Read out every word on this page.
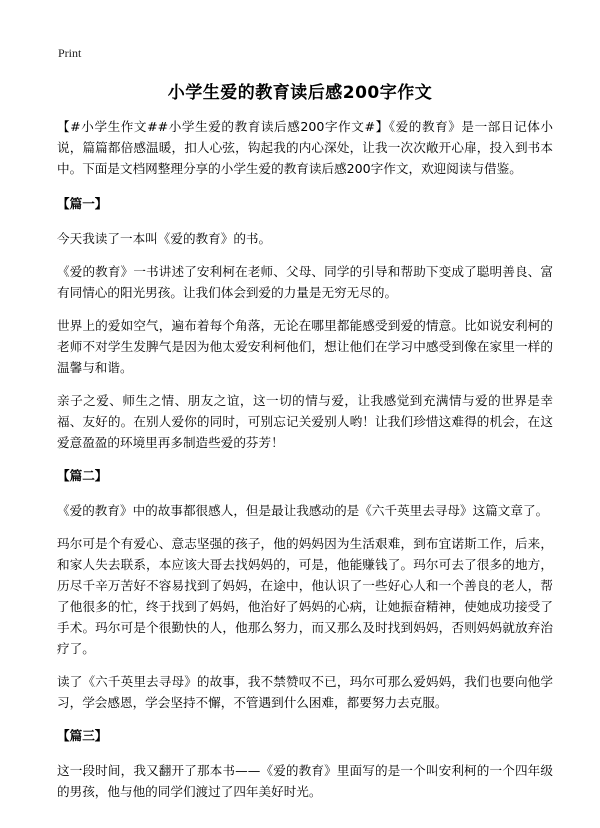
Print
小学生爱的教育读后感200字作文

【#小学生作文##小学生爱的教育读后感200字作文#】《爱的教育》是一部日记体小说，篇篇都倍感温暖，扣人心弦，钩起我的内心深处，让我一次次敞开心扉，投入到书本中。下面是文档网整理分享的小学生爱的教育读后感200字作文，欢迎阅读与借鉴。

【篇一】

今天我读了一本叫《爱的教育》的书。

《爱的教育》一书讲述了安利柯在老师、父母、同学的引导和帮助下变成了聪明善良、富有同情心的阳光男孩。让我们体会到爱的力量是无穷无尽的。

世界上的爱如空气，遍布着每个角落，无论在哪里都能感受到爱的情意。比如说安利柯的老师不对学生发脾气是因为他太爱安利柯他们，想让他们在学习中感受到像在家里一样的温馨与和谐。

亲子之爱、师生之情、朋友之谊，这一切的情与爱，让我感觉到充满情与爱的世界是幸福、友好的。在别人爱你的同时，可别忘记关爱别人哟！让我们珍惜这难得的机会，在这爱意盈盈的环境里再多制造些爱的芬芳！

【篇二】

《爱的教育》中的故事都很感人，但是最让我感动的是《六千英里去寻母》这篇文章了。

玛尔可是个有爱心、意志坚强的孩子，他的妈妈因为生活艰难，到布宜诺斯工作，后来，和家人失去联系，本应该大哥去找妈妈的，可是，他能赚钱了。玛尔可去了很多的地方，历尽千辛万苦好不容易找到了妈妈，在途中，他认识了一些好心人和一个善良的老人，帮了他很多的忙，终于找到了妈妈，他治好了妈妈的心病，让她振奋精神，使她成功接受了手术。玛尔可是个很勤快的人，他那么努力，而又那么及时找到妈妈，否则妈妈就放弃治疗了。

读了《六千英里去寻母》的故事，我不禁赞叹不已，玛尔可那么爱妈妈，我们也要向他学习，学会感恩，学会坚持不懈，不管遇到什么困难，都要努力去克服。

【篇三】

这一段时间，我又翻开了那本书——《爱的教育》里面写的是一个叫安利柯的一个四年级的男孩，他与他的同学们渡过了四年美好时光。
